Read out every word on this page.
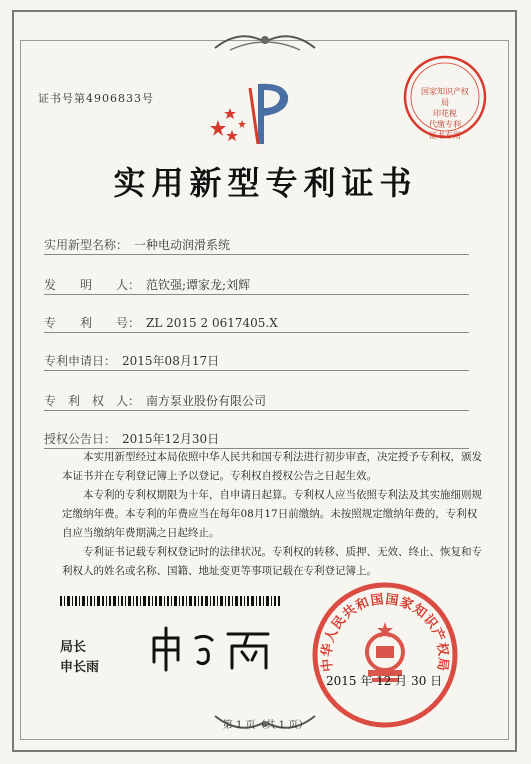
证书号第4906833号
国家知识产权局
印花税
代缴专利
证书专用
实用新型专利证书
实用新型名称： 一种电动润滑系统
发　　明　　人： 范钦强;谭家龙;刘辉
专　　利　　号： ZL 2015 2 0617405.X
专利申请日： 2015年08月17日
专　利　权　人： 南方泵业股份有限公司
授权公告日： 2015年12月30日

本实用新型经过本局依照中华人民共和国专利法进行初步审查，决定授予专利权，颁发本证书并在专利登记簿上予以登记。专利权自授权公告之日起生效。

本专利的专利权期限为十年，自申请日起算。专利权人应当依照专利法及其实施细则规定缴纳年费。本专利的年费应当在每年08月17日前缴纳。未按照规定缴纳年费的，专利权自应当缴纳年费期满之日起终止。

专利证书记载专利权登记时的法律状况。专利权的转移、质押、无效、终止、恢复和专利权人的姓名或名称、国籍、地址变更等事项记载在专利登记簿上。

局长
申长雨	中华人民共和国国家知识产权局
2015 年 12 月 30 日
第 1 页（共 1 页）
